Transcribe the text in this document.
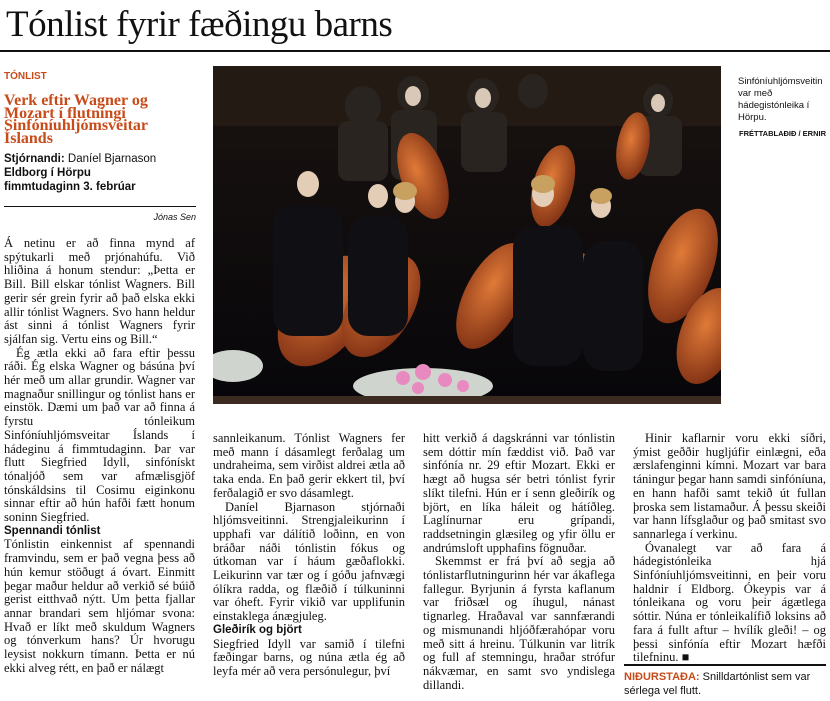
Tónlist fyrir fæðingu barns
TÓNLIST
Verk eftir Wagner og Mozart í flutningi Sinfóníuhljómsveitar Íslands
Stjórnandi: Daníel Bjarnason
Eldborg í Hörpu
fimmtudaginn 3. febrúar
Jónas Sen
Sinfóníuhljómsveitin var með hádegistónleika í Hörpu.
FRÉTTABLAÐIÐ / ERNIR

Á netinu er að finna mynd af spýtukarli með prjónahúfu. Við hliðina á honum stendur: „Þetta er Bill. Bill elskar tónlist Wagners. Bill gerir sér grein fyrir að það elska ekki allir tónlist Wagners. Svo hann heldur ást sinni á tónlist Wagners fyrir sjálfan sig. Vertu eins og Bill.“

Ég ætla ekki að fara eftir þessu ráði. Ég elska Wagner og básúna því hér með um allar grundir. Wagner var magnaður snillingur og tónlist hans er einstök. Dæmi um það var að finna á fyrstu tónleikum Sinfóníuhljómsveitar Íslands í hádeginu á fimmtudaginn. Þar var flutt Siegfried Idyll, sinfónískt tónaljóð sem var afmælisgjöf tónskáldsins til Cosimu eiginkonu sinnar eftir að hún hafði fætt honum soninn Siegfried.

Spennandi tónlist

Tónlistin einkennist af spennandi framvindu, sem er það vegna þess að hún kemur stöðugt á óvart. Einmitt þegar maður heldur að verkið sé búið gerist eitthvað nýtt. Um þetta fjallar annar brandari sem hljómar svona: Hvað er líkt með skuldum Wagners og tónverkum hans? Úr hvorugu leysist nokkurn tímann. Þetta er nú ekki alveg rétt, en það er nálægt

sannleikanum. Tónlist Wagners fer með mann í dásamlegt ferðalag um undraheima, sem virðist aldrei ætla að taka enda. En það gerir ekkert til, því ferðalagið er svo dásamlegt.

Daníel Bjarnason stjórnaði hljómsveitinni. Strengjaleikurinn í upphafi var dálítið loðinn, en von bráðar náði tónlistin fókus og útkoman var í háum gæðaflokki. Leikurinn var tær og í góðu jafnvægi ólíkra radda, og flæðið í túlkuninni var óheft. Fyrir vikið var upplifunin einstaklega ánægjuleg.

Gleðirík og björt

Siegfried Idyll var samið í tilefni fæðingar barns, og núna ætla ég að leyfa mér að vera persónulegur, því

hitt verkið á dagskránni var tónlistin sem dóttir mín fæddist við. Það var sinfónía nr. 29 eftir Mozart. Ekki er hægt að hugsa sér betri tónlist fyrir slíkt tilefni. Hún er í senn gleðirík og björt, en líka háleit og hátíðleg. Laglínurnar eru grípandi, raddsetningin glæsileg og yfir öllu er andrúmsloft upphafins fögnuðar.

Skemmst er frá því að segja að tónlistarflutningurinn hér var ákaflega fallegur. Byrjunin á fyrsta kaflanum var friðsæl og íhugul, nánast tignarleg. Hraðaval var sannfærandi og mismunandi hljóðfærahópar voru með sitt á hreinu. Túlkunin var litrík og full af stemningu, hraðar strófur nákvæmar, en samt svo yndislega dillandi.

Hinir kaflarnir voru ekki síðri, ýmist geððir hugljúfir einlægni, eða ærslafenginni kímni. Mozart var bara táningur þegar hann samdi sinfóníuna, en hann hafði samt tekið út fullan þroska sem listamaður. Á þessu skeiði var hann lífsglaður og það smitast svo sannarlega í verkinu.

Óvanalegt var að fara á hádegistónleika hjá Sinfóníuhljómsveitinni, en þeir voru haldnir í Eldborg. Ókeypis var á tónleikana og voru þeir ágætlega sóttir. Núna er tónleikalífið loksins að fara á fullt aftur – hvílík gleði! – og þessi sinfónía eftir Mozart hæfði tilefninu. ■

NIÐURSTAÐA: Snilldartónlist sem var sérlega vel flutt.
